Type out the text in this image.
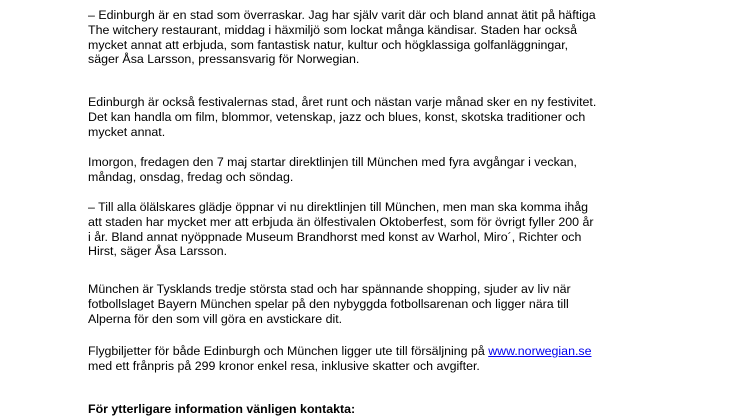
– Edinburgh är en stad som överraskar. Jag har själv varit där och bland annat ätit på häftiga
The witchery restaurant, middag i häxmiljö som lockat många kändisar. Staden har också
mycket annat att erbjuda, som fantastisk natur, kultur och högklassiga golfanläggningar,
säger Åsa Larsson, pressansvarig för Norwegian.

Edinburgh är också festivalernas stad, året runt och nästan varje månad sker en ny festivitet.
Det kan handla om film, blommor, vetenskap, jazz och blues, konst, skotska traditioner och
mycket annat.

Imorgon, fredagen den 7 maj startar direktlinjen till München med fyra avgångar i veckan,
måndag, onsdag, fredag och söndag.

– Till alla ölälskares glädje öppnar vi nu direktlinjen till München, men man ska komma ihåg
att staden har mycket mer att erbjuda än ölfestivalen Oktoberfest, som för övrigt fyller 200 år
i år. Bland annat nyöppnade Museum Brandhorst med konst av Warhol, Miro´, Richter och
Hirst, säger Åsa Larsson.

München är Tysklands tredje största stad och har spännande shopping, sjuder av liv när
fotbollslaget Bayern München spelar på den nybyggda fotbollsarenan och ligger nära till
Alperna för den som vill göra en avstickare dit.

Flygbiljetter för både Edinburgh och München ligger ute till försäljning på www.norwegian.se
med ett frånpris på 299 kronor enkel resa, inklusive skatter och avgifter.

För ytterligare information vänligen kontakta:
